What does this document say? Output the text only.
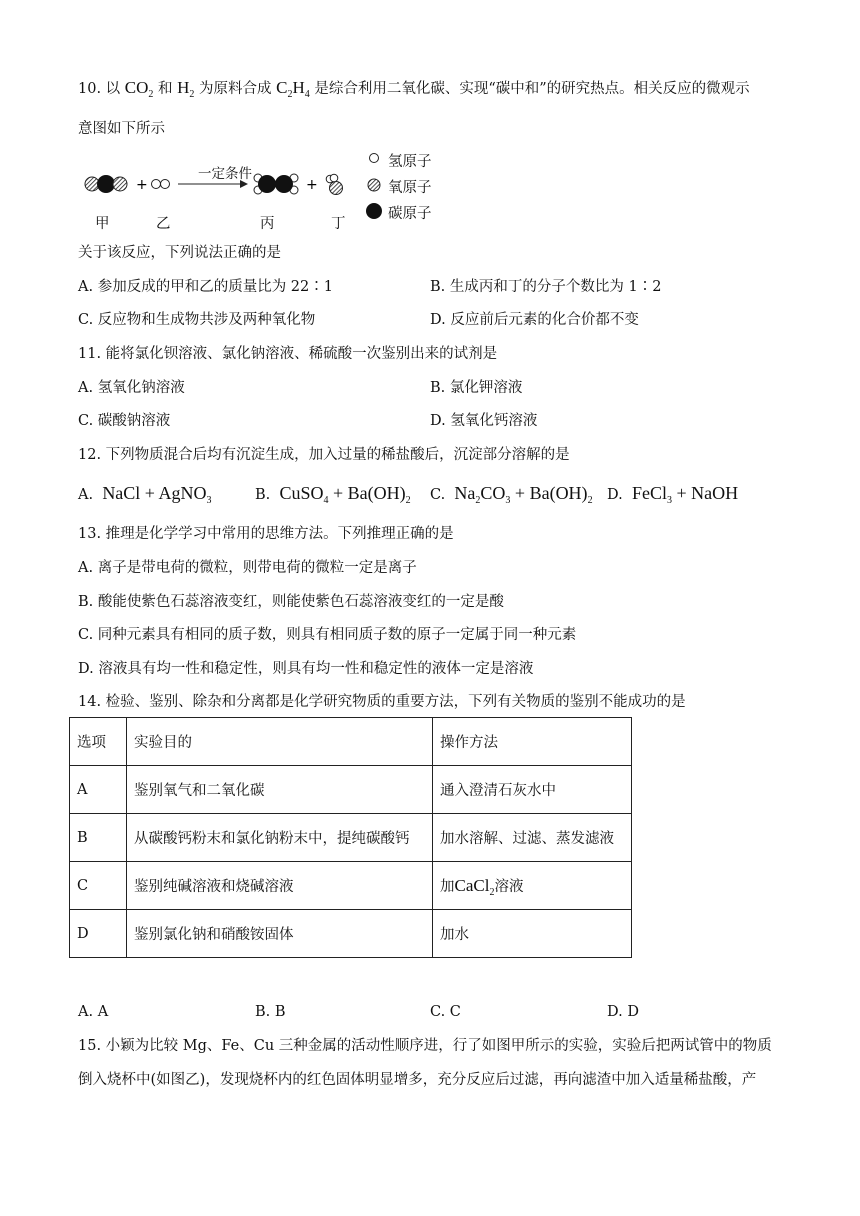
10. 以 $CO_2$ 和 $H_2$ 为原料合成 $C_2H_4$ 是综合利用二氧化碳、实现“碳中和”的研究热点。相关反应的微观示
意图如下所示
+	+
一定条件
甲	乙	丙	丁
氢原子
氧原子
碳原子
关于该反应，下列说法正确的是
A. 参加反成的甲和乙的质量比为 22∶1	B. 生成丙和丁的分子个数比为 1∶2
C. 反应物和生成物共涉及两种氧化物	D. 反应前后元素的化合价都不变
11. 能将氯化钡溶液、氯化钠溶液、稀硫酸一次鉴别出来的试剂是
A. 氢氧化钠溶液	B. 氯化钾溶液
C. 碳酸钠溶液	D. 氢氧化钙溶液
12. 下列物质混合后均有沉淀生成，加入过量的稀盐酸后，沉淀部分溶解的是
A. NaCl + AgNO$_3$	B. CuSO$_4$ + $Ba(OH)_2$ C. $Na_2CO_3 + Ba(OH)_2$ D. FeCl$_3$ + NaOH
13. 推理是化学学习中常用的思维方法。下列推理正确的是
A. 离子是带电荷的微粒，则带电荷的微粒一定是离子
B. 酸能使紫色石蕊溶液变红，则能使紫色石蕊溶液变红的一定是酸
C. 同种元素具有相同的质子数，则具有相同质子数的原子一定属于同一种元素
D. 溶液具有均一性和稳定性，则具有均一性和稳定性的液体一定是溶液
14. 检验、鉴别、除杂和分离都是化学研究物质的重要方法，下列有关物质的鉴别不能成功的是
选项	实验目的	操作方法
A	鉴别氧气和二氧化碳	通入澄清石灰水中
B	从碳酸钙粉末和氯化钠粉末中，提纯碳酸钙	加水溶解、过滤、蒸发滤液
C	鉴别纯碱溶液和烧碱溶液	加CaCl$_2$溶液
D	鉴别氯化钠和硝酸铵固体	加水
A. A	B. B	C. C	D. D
15. 小颖为比较 Mg、Fe、Cu 三种金属的活动性顺序进，行了如图甲所示的实验，实验后把两试管中的物质
倒入烧杯中(如图乙)，发现烧杯内的红色固体明显增多，充分反应后过滤，再向滤渣中加入适量稀盐酸，产
